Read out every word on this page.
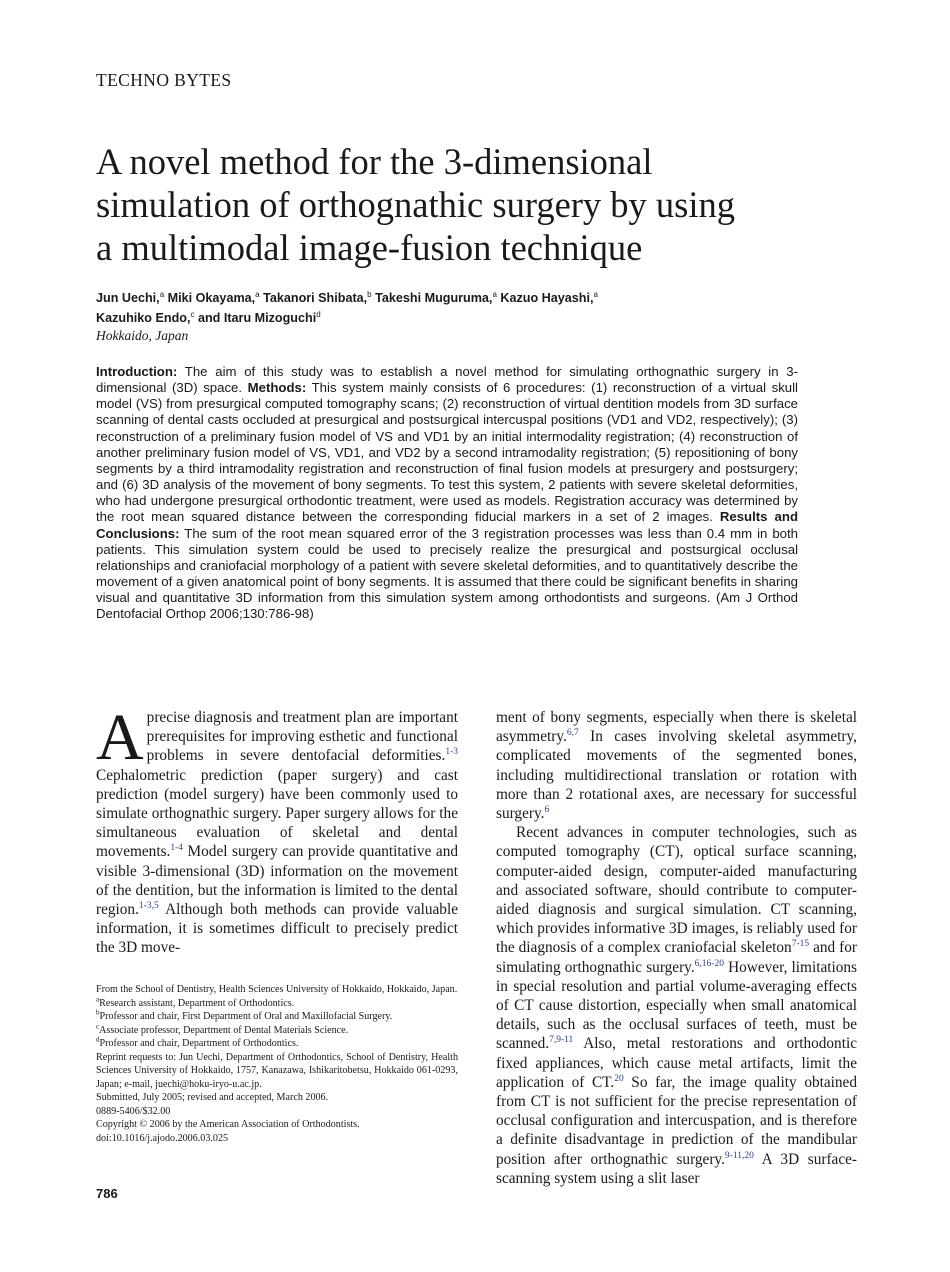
TECHNO BYTES
A novel method for the 3-dimensional
simulation of orthognathic surgery by using
a multimodal image-fusion technique
Jun Uechi,$^a$ Miki Okayama,$^a$ Takanori Shibata,$^b$ Takeshi Muguruma,$^a$ Kazuo Hayashi,$^a$
Kazuhiko Endo,$^c$ and Itaru Mizoguchi$^d$
Hokkaido, Japan

Introduction: The aim of this study was to establish a novel method for simulating orthognathic surgery in 3-dimensional (3D) space. Methods: This system mainly consists of 6 procedures: (1) reconstruction of a virtual skull model (VS) from presurgical computed tomography scans; (2) reconstruction of virtual dentition models from 3D surface scanning of dental casts occluded at presurgical and postsurgical intercuspal positions (VD1 and VD2, respectively); (3) reconstruction of a preliminary fusion model of VS and VD1 by an initial intermodality registration; (4) reconstruction of another preliminary fusion model of VS, VD1, and VD2 by a second intramodality registration; (5) repositioning of bony segments by a third intramodality registration and reconstruction of final fusion models at presurgery and postsurgery; and (6) 3D analysis of the movement of bony segments. To test this system, 2 patients with severe skeletal deformities, who had undergone presurgical orthodontic treatment, were used as models. Registration accuracy was determined by the root mean squared distance between the corresponding fiducial markers in a set of 2 images. Results and Conclusions: The sum of the root mean squared error of the 3 registration processes was less than 0.4 mm in both patients. This simulation system could be used to precisely realize the presurgical and postsurgical occlusal relationships and craniofacial morphology of a patient with severe skeletal deformities, and to quantitatively describe the movement of a given anatomical point of bony segments. It is assumed that there could be significant benefits in sharing visual and quantitative 3D information from this simulation system among orthodontists and surgeons. (Am J Orthod Dentofacial Orthop 2006;130:786-98)

Aprecise diagnosis and treatment plan are important prerequisites for improving esthetic and functional problems in severe dentofacial deformities.$^{1-3}$ Cephalometric prediction (paper surgery) and cast prediction (model surgery) have been commonly used to simulate orthognathic surgery. Paper surgery allows for the simultaneous evaluation of skeletal and dental movements.$^{1-4}$ Model surgery can provide quantitative and visible 3-dimensional (3D) information on the movement of the dentition, but the information is limited to the dental region.$^{1-3,5}$ Although both methods can provide valuable information, it is sometimes difficult to precisely predict the 3D move-

ment of bony segments, especially when there is skeletal asymmetry.$^{6,7}$ In cases involving skeletal asymmetry, complicated movements of the segmented bones, including multidirectional translation or rotation with more than 2 rotational axes, are necessary for successful surgery.$^6$

Recent advances in computer technologies, such as computed tomography (CT), optical surface scanning, computer-aided design, computer-aided manufacturing and associated software, should contribute to computer-aided diagnosis and surgical simulation. CT scanning, which provides informative 3D images, is reliably used for the diagnosis of a complex craniofacial skeleton$^{7-15}$ and for simulating orthognathic surgery.$^{6,16-20}$ However, limitations in special resolution and partial volume-averaging effects of CT cause distortion, especially when small anatomical details, such as the occlusal surfaces of teeth, must be scanned.$^{7,9-11}$ Also, metal restorations and orthodontic fixed appliances, which cause metal artifacts, limit the application of CT.$^{20}$ So far, the image quality obtained from CT is not sufficient for the precise representation of occlusal configuration and intercuspation, and is therefore a definite disadvantage in prediction of the mandibular position after orthognathic surgery.$^{9-11,20}$ A 3D surface-scanning system using a slit laser

From the School of Dentistry, Health Sciences University of Hokkaido, Hokkaido, Japan.
$^a$Research assistant, Department of Orthodontics.
$^b$Professor and chair, First Department of Oral and Maxillofacial Surgery.
$^c$Associate professor, Department of Dental Materials Science.
$^d$Professor and chair, Department of Orthodontics.
Reprint requests to: Jun Uechi, Department of Orthodontics, School of Dentistry, Health Sciences University of Hokkaido, 1757, Kanazawa, Ishikaritobetsu, Hokkaido 061-0293, Japan; e-mail, juechi@hoku-iryo-u.ac.jp.
Submitted, July 2005; revised and accepted, March 2006.
0889-5406/$32.00
Copyright © 2006 by the American Association of Orthodontists.
doi:10.1016/j.ajodo.2006.03.025
786
